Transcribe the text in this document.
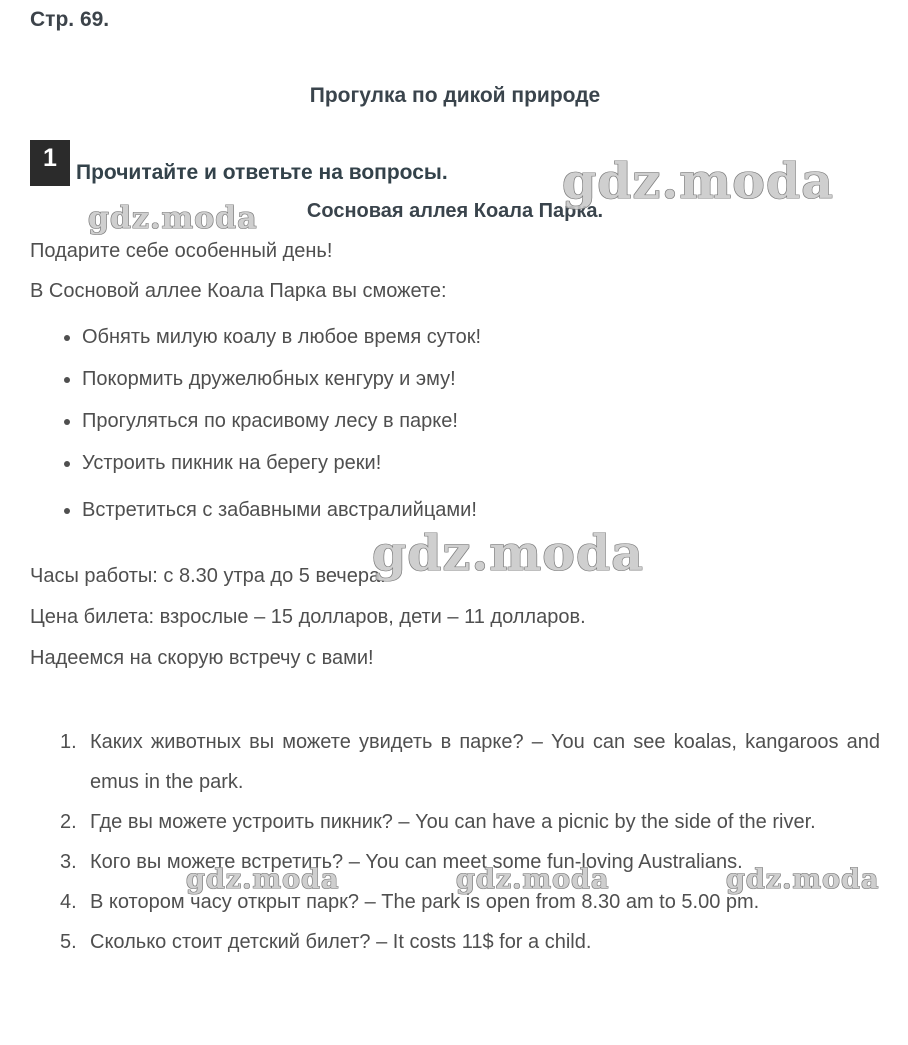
Стр. 69.
Прогулка по дикой природе
1
Прочитайте и ответьте на вопросы.
Сосновая аллея Коала Парка.
Подарите себе особенный день!
В Сосновой аллее Коала Парка вы сможете:
• Обнять милую коалу в любое время суток!
• Покормить дружелюбных кенгуру и эму!
• Прогуляться по красивому лесу в парке!
• Устроить пикник на берегу реки!
• Встретиться с забавными австралийцами!
Часы работы: с 8.30 утра до 5 вечера.
Цена билета: взрослые – 15 долларов, дети – 11 долларов.
Надеемся на скорую встречу с вами!
1. Каких животных вы можете увидеть в парке? – You can see koalas, kangaroos and emus in the park.
2. Где вы можете устроить пикник? – You can have a picnic by the side of the river.
3. Кого вы можете встретить? – You can meet some fun-loving Australians.
4. В котором часу открыт парк? – The park is open from 8.30 am to 5.00 pm.
5. Сколько стоит детский билет? – It costs 11$ for a child.
gdz.moda
gdz.moda
gdz.moda
gdz.moda	gdz.moda	gdz.moda
